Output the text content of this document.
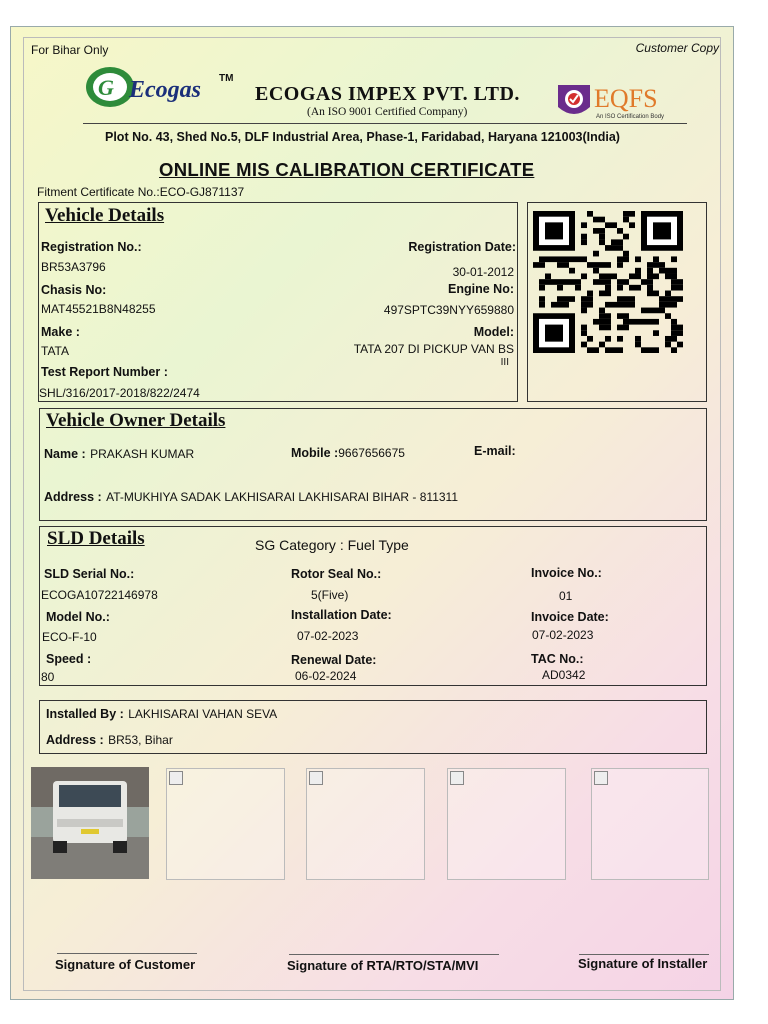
For Bihar Only	Customer Copy
G Ecogas TM
ECOGAS IMPEX PVT. LTD.
(An ISO 9001 Certified Company)	EQFS
An ISO Certification Body
Plot No. 43, Shed No.5, DLF Industrial Area, Phase-1, Faridabad, Haryana 121003(India)
ONLINE MIS CALIBRATION CERTIFICATE
Fitment Certificate No.:ECO-GJ871137
Vehicle Details
Registration No.:
BR53A3796
Registration Date:
30-01-2012
Chasis No:
MAT45521B8N48255
Engine No:
497SPTC39NYY659880
Make :
TATA
Model:
TATA 207 DI PICKUP VAN BS
III
Test Report Number :
SHL/316/2017-2018/822/2474
Vehicle Owner Details
Name : PRAKASH KUMAR	Mobile :9667656675	E-mail:
Address : AT-MUKHIYA SADAK LAKHISARAI LAKHISARAI BIHAR - 811311
SLD Details	SG Category : Fuel Type
SLD Serial No.:
ECOGA10722146978
Rotor Seal No.:
5(Five)
Invoice No.:
01
Model No.:
ECO-F-10
Installation Date:
07-02-2023
Invoice Date:
07-02-2023
Speed :
80
Renewal Date:
06-02-2024
TAC No.:
AD0342
Installed By : LAKHISARAI VAHAN SEVA
Address : BR53, Bihar
Signature of Customer	Signature of RTA/RTO/STA/MVI	Signature of Installer
